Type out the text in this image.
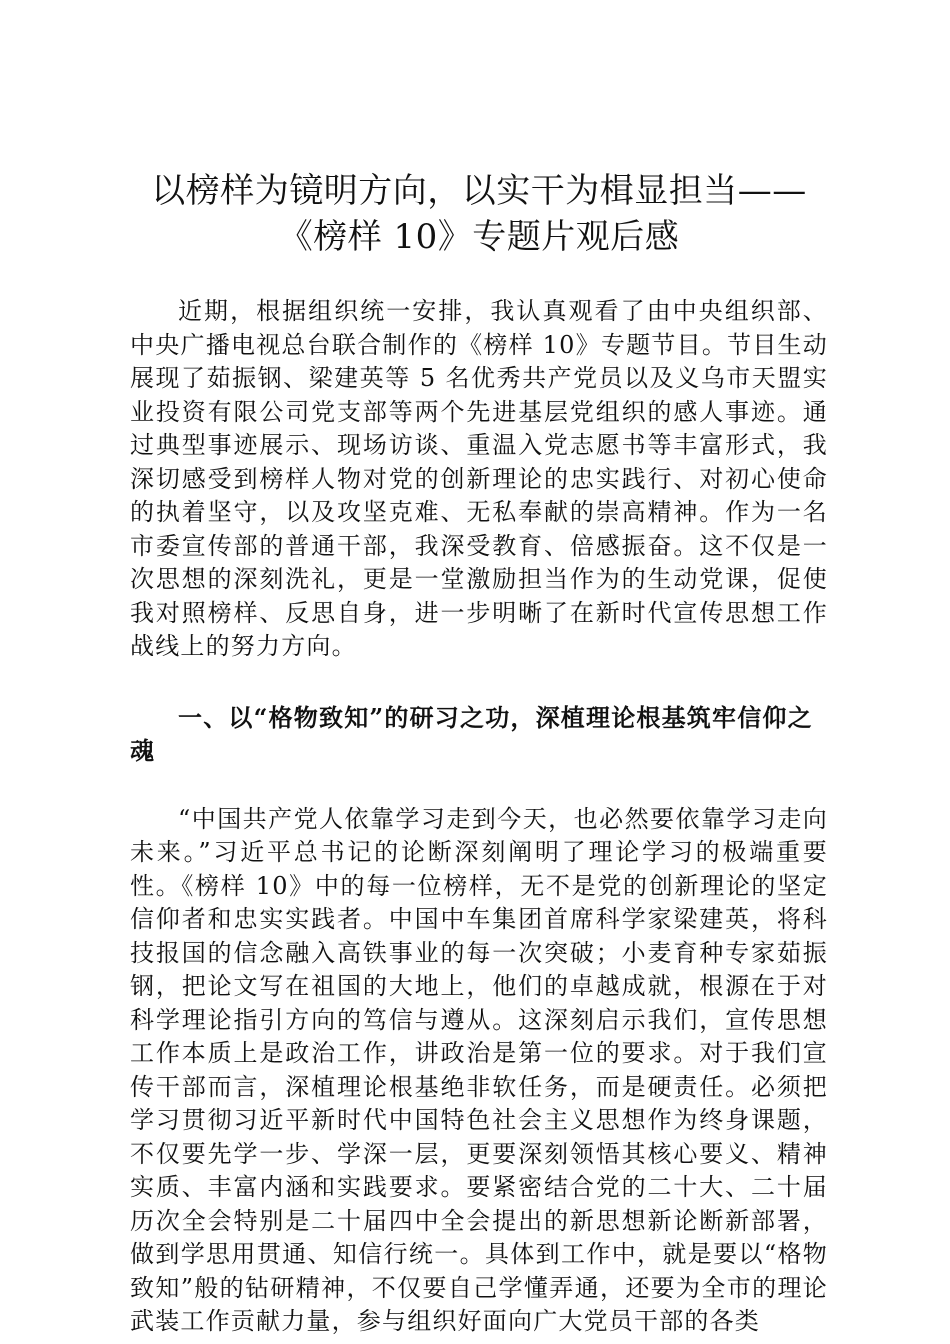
以榜样为镜明方向，以实干为楫显担当——
《榜样 10》专题片观后感

近期，根据组织统一安排，我认真观看了由中央组织部、中央广播电视总台联合制作的《榜样 10》专题节目。节目生动展现了茹振钢、梁建英等 5 名优秀共产党员以及义乌市天盟实业投资有限公司党支部等两个先进基层党组织的感人事迹。通过典型事迹展示、现场访谈、重温入党志愿书等丰富形式，我深切感受到榜样人物对党的创新理论的忠实践行、对初心使命的执着坚守，以及攻坚克难、无私奉献的崇高精神。作为一名市委宣传部的普通干部，我深受教育、倍感振奋。这不仅是一次思想的深刻洗礼，更是一堂激励担当作为的生动党课，促使我对照榜样、反思自身，进一步明晰了在新时代宣传思想工作战线上的努力方向。

一、以“格物致知”的研习之功，深植理论根基筑牢信仰之魂

“中国共产党人依靠学习走到今天，也必然要依靠学习走向未来。”习近平总书记的论断深刻阐明了理论学习的极端重要性。《榜样 10》中的每一位榜样，无不是党的创新理论的坚定信仰者和忠实实践者。中国中车集团首席科学家梁建英，将科技报国的信念融入高铁事业的每一次突破；小麦育种专家茹振钢，把论文写在祖国的大地上，他们的卓越成就，根源在于对科学理论指引方向的笃信与遵从。这深刻启示我们，宣传思想工作本质上是政治工作，讲政治是第一位的要求。对于我们宣传干部而言，深植理论根基绝非软任务，而是硬责任。必须把学习贯彻习近平新时代中国特色社会主义思想作为终身课题，不仅要先学一步、学深一层，更要深刻领悟其核心要义、精神实质、丰富内涵和实践要求。要紧密结合党的二十大、二十届历次全会特别是二十届四中全会提出的新思想新论断新部署，做到学思用贯通、知信行统一。具体到工作中，就是要以“格物致知”般的钻研精神，不仅要自己学懂弄通，还要为全市的理论武装工作贡献力量，参与组织好面向广大党员干部的各类
